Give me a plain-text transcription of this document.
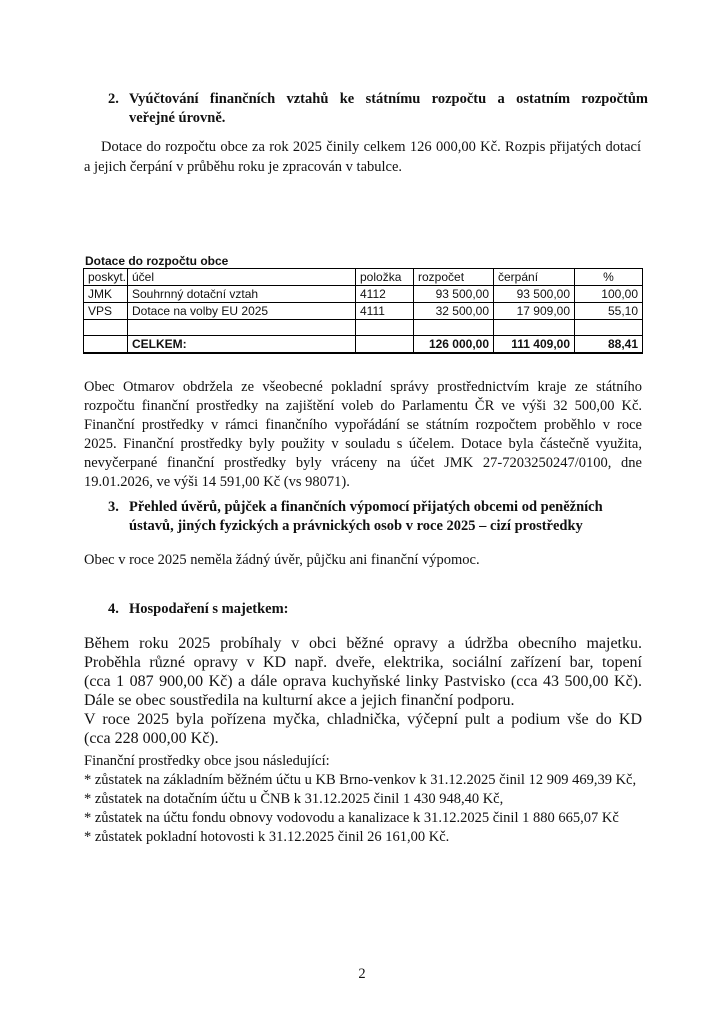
2. Vyúčtování finančních vztahů ke státnímu rozpočtu a ostatním rozpočtům
veřejné úrovně.
Dotace do rozpočtu obce za rok 2025 činily celkem 126 000,00 Kč. Rozpis přijatých dotací
a jejich čerpání v průběhu roku je zpracován v tabulce.
Dotace do rozpočtu obce
poskyt.	účel	položka	rozpočet	čerpání	%
JMK	Souhrnný dotační vztah	4112	93 500,00	93 500,00	100,00
VPS	Dotace na volby EU 2025	4111	32 500,00	17 909,00	55,10

	CELKEM:		126 000,00	111 409,00	88,41
Obec Otmarov obdržela ze všeobecné pokladní správy prostřednictvím kraje ze státního
rozpočtu finanční prostředky na zajištění voleb do Parlamentu ČR ve výši 32 500,00 Kč.
Finanční prostředky v rámci finančního vypořádání se státním rozpočtem proběhlo v roce
2025. Finanční prostředky byly použity v souladu s účelem. Dotace byla částečně využita,
nevyčerpané finanční prostředky byly vráceny na účet JMK 27-7203250247/0100, dne
19.01.2026, ve výši 14 591,00 Kč (vs 98071).
3. Přehled úvěrů, půjček a finančních výpomocí přijatých obcemi od peněžních
ústavů, jiných fyzických a právnických osob v roce 2025 – cizí prostředky
Obec v roce 2025 neměla žádný úvěr, půjčku ani finanční výpomoc.
4. Hospodaření s majetkem:
Během roku 2025 probíhaly v obci běžné opravy a údržba obecního majetku.
Proběhla různé opravy v KD např. dveře, elektrika, sociální zařízení bar, topení
(cca 1 087 900,00 Kč) a dále oprava kuchyňské linky Pastvisko (cca 43 500,00 Kč).
Dále se obec soustředila na kulturní akce a jejich finanční podporu.
V roce 2025 byla pořízena myčka, chladnička, výčepní pult a podium vše do KD
(cca 228 000,00 Kč).
Finanční prostředky obce jsou následující:
* zůstatek na základním běžném účtu u KB Brno-venkov k 31.12.2025 činil 12 909 469,39 Kč,
* zůstatek na dotačním účtu u ČNB k 31.12.2025 činil 1 430 948,40 Kč,
* zůstatek na účtu fondu obnovy vodovodu a kanalizace k 31.12.2025 činil 1 880 665,07 Kč
* zůstatek pokladní hotovosti k 31.12.2025 činil 26 161,00 Kč.
2
